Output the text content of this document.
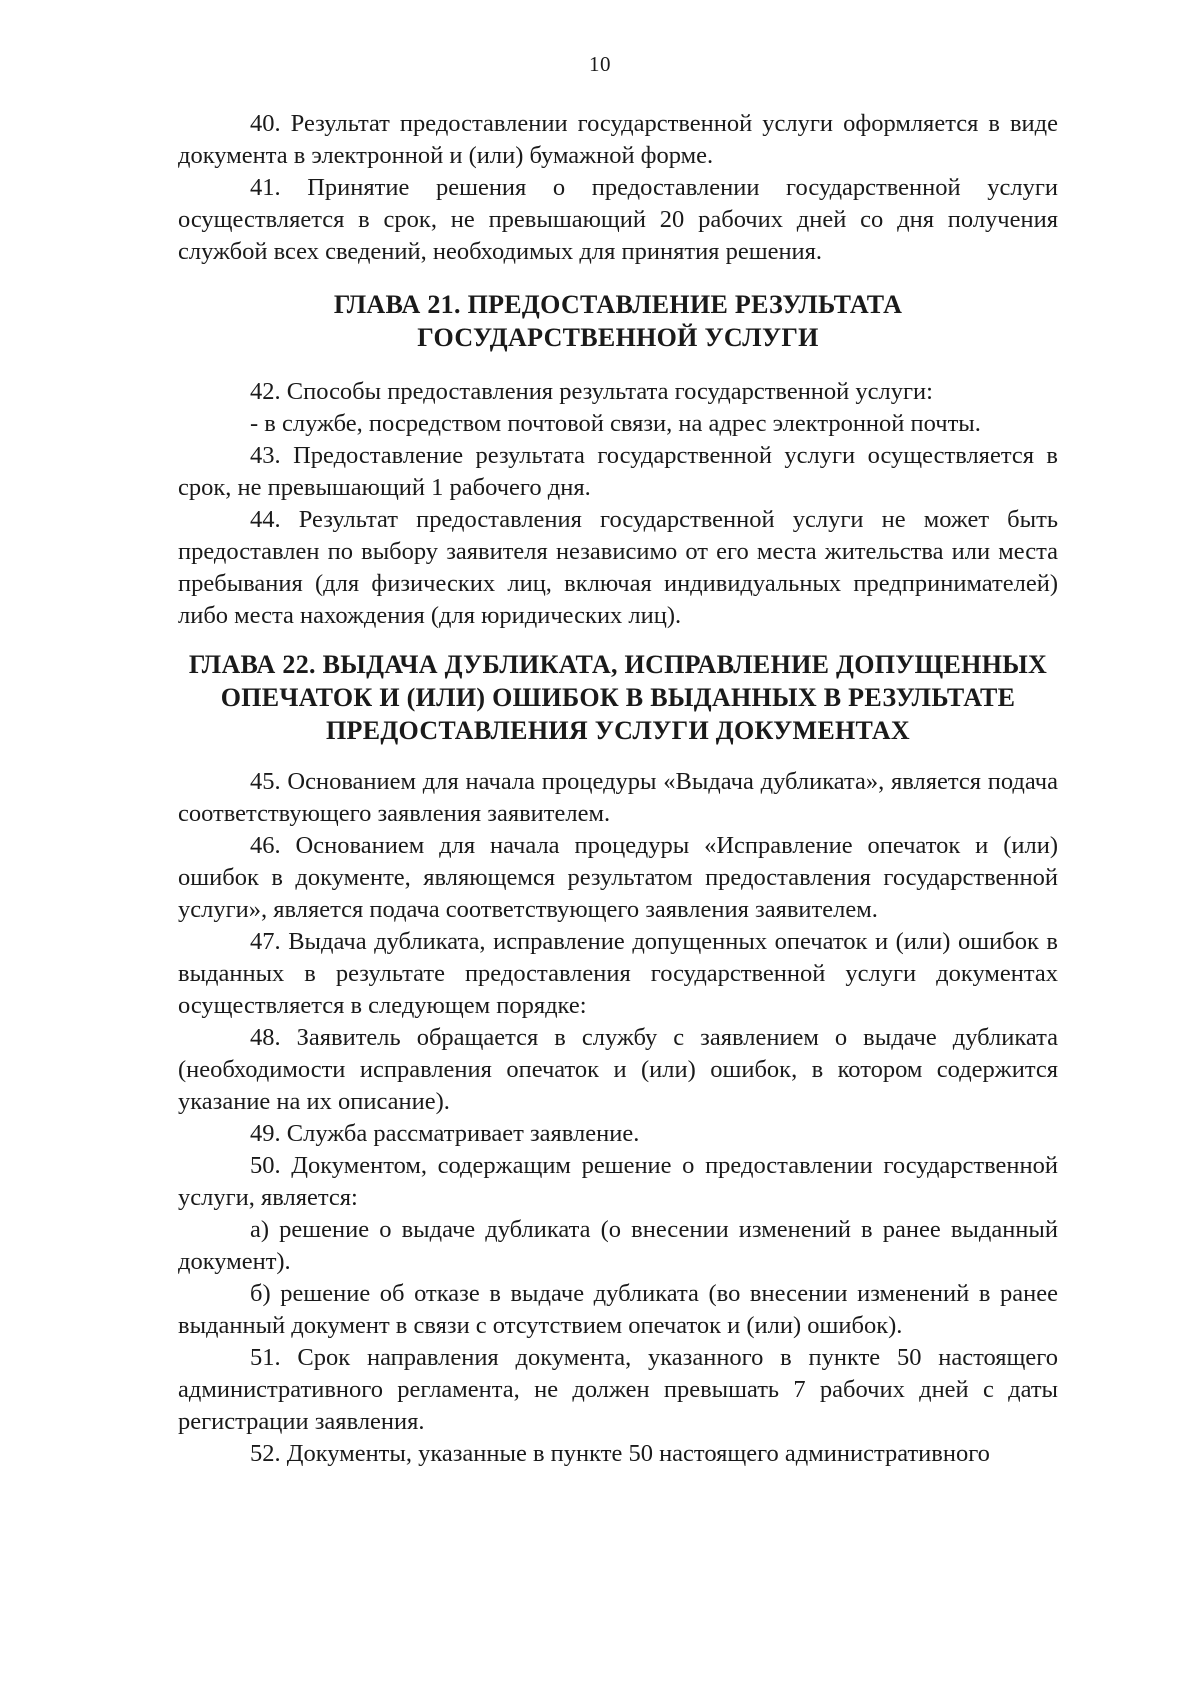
10

40. Результат предоставлении государственной услуги оформляется в виде документа в электронной и (или) бумажной форме.

41. Принятие решения о предоставлении государственной услуги осуществляется в срок, не превышающий 20 рабочих дней со дня получения службой всех сведений, необходимых для принятия решения.

ГЛАВА 21. ПРЕДОСТАВЛЕНИЕ РЕЗУЛЬТАТА
ГОСУДАРСТВЕННОЙ УСЛУГИ

42. Способы предоставления результата государственной услуги:

- в службе, посредством почтовой связи, на адрес электронной почты.

43. Предоставление результата государственной услуги осуществляется в срок, не превышающий 1 рабочего дня.

44. Результат предоставления государственной услуги не может быть предоставлен по выбору заявителя независимо от его места жительства или места пребывания (для физических лиц, включая индивидуальных предпринимателей) либо места нахождения (для юридических лиц).

ГЛАВА 22. ВЫДАЧА ДУБЛИКАТА, ИСПРАВЛЕНИЕ ДОПУЩЕННЫХ
ОПЕЧАТОК И (ИЛИ) ОШИБОК В ВЫДАННЫХ В РЕЗУЛЬТАТЕ
ПРЕДОСТАВЛЕНИЯ УСЛУГИ ДОКУМЕНТАХ

45. Основанием для начала процедуры «Выдача дубликата», является подача соответствующего заявления заявителем.

46. Основанием для начала процедуры «Исправление опечаток и (или) ошибок в документе, являющемся результатом предоставления государственной услуги», является подача соответствующего заявления заявителем.

47. Выдача дубликата, исправление допущенных опечаток и (или) ошибок в выданных в результате предоставления государственной услуги документах осуществляется в следующем порядке:

48. Заявитель обращается в службу с заявлением о выдаче дубликата (необходимости исправления опечаток и (или) ошибок, в котором содержится указание на их описание).

49. Служба рассматривает заявление.

50. Документом, содержащим решение о предоставлении государственной услуги, является:

а) решение о выдаче дубликата (о внесении изменений в ранее выданный документ).

б) решение об отказе в выдаче дубликата (во внесении изменений в ранее выданный документ в связи с отсутствием опечаток и (или) ошибок).

51. Срок направления документа, указанного в пункте 50 настоящего административного регламента, не должен превышать 7 рабочих дней с даты регистрации заявления.

52. Документы, указанные в пункте 50 настоящего административного
